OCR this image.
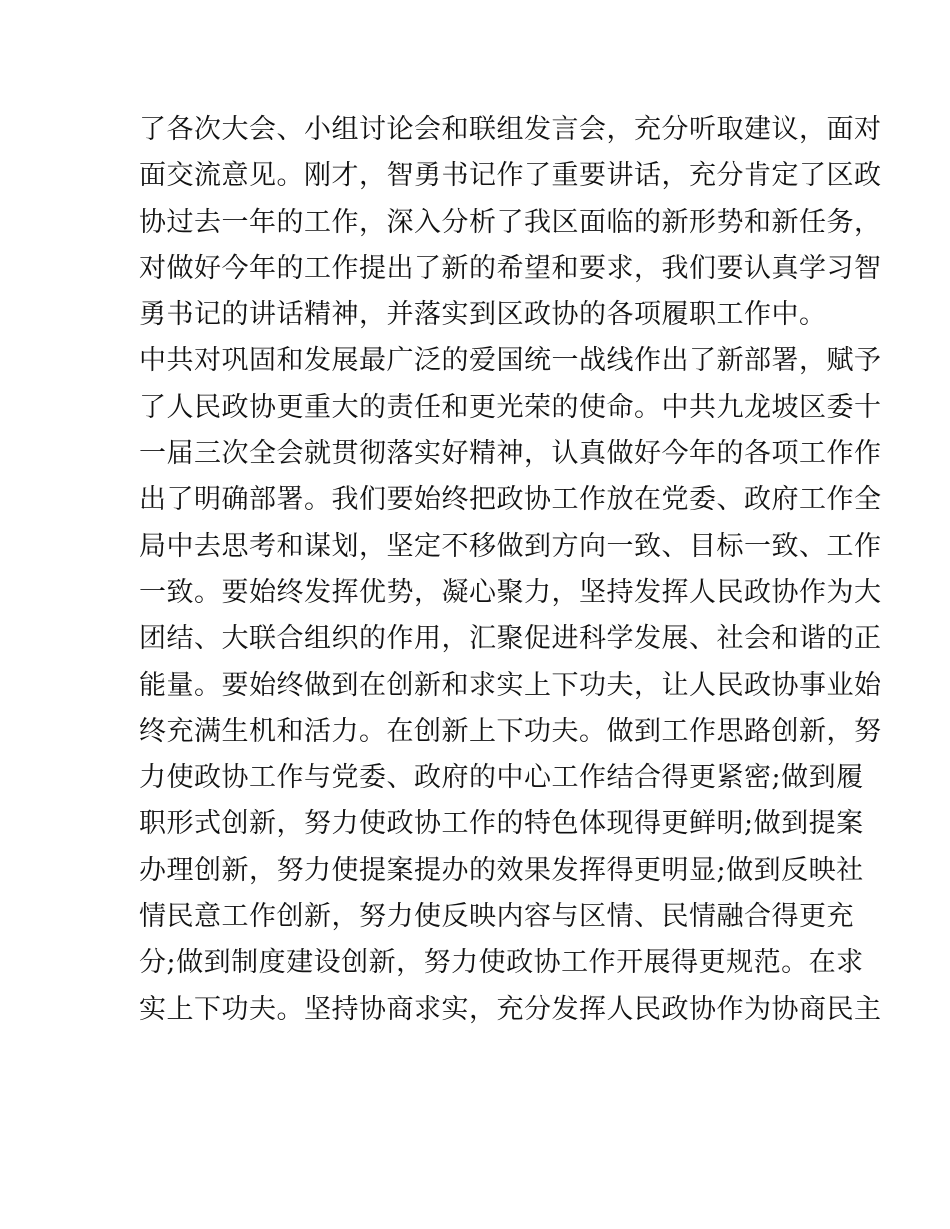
了各次大会、小组讨论会和联组发言会，充分听取建议，面对
面交流意见。刚才，智勇书记作了重要讲话，充分肯定了区政
协过去一年的工作，深入分析了我区面临的新形势和新任务，
对做好今年的工作提出了新的希望和要求，我们要认真学习智
勇书记的讲话精神，并落实到区政协的各项履职工作中。
中共对巩固和发展最广泛的爱国统一战线作出了新部署，赋予
了人民政协更重大的责任和更光荣的使命。中共九龙坡区委十
一届三次全会就贯彻落实好精神，认真做好今年的各项工作作
出了明确部署。我们要始终把政协工作放在党委、政府工作全
局中去思考和谋划，坚定不移做到方向一致、目标一致、工作
一致。要始终发挥优势，凝心聚力，坚持发挥人民政协作为大
团结、大联合组织的作用，汇聚促进科学发展、社会和谐的正
能量。要始终做到在创新和求实上下功夫，让人民政协事业始
终充满生机和活力。在创新上下功夫。做到工作思路创新，努
力使政协工作与党委、政府的中心工作结合得更紧密;做到履
职形式创新，努力使政协工作的特色体现得更鲜明;做到提案
办理创新，努力使提案提办的效果发挥得更明显;做到反映社
情民意工作创新，努力使反映内容与区情、民情融合得更充
分;做到制度建设创新，努力使政协工作开展得更规范。在求
实上下功夫。坚持协商求实，充分发挥人民政协作为协商民主
